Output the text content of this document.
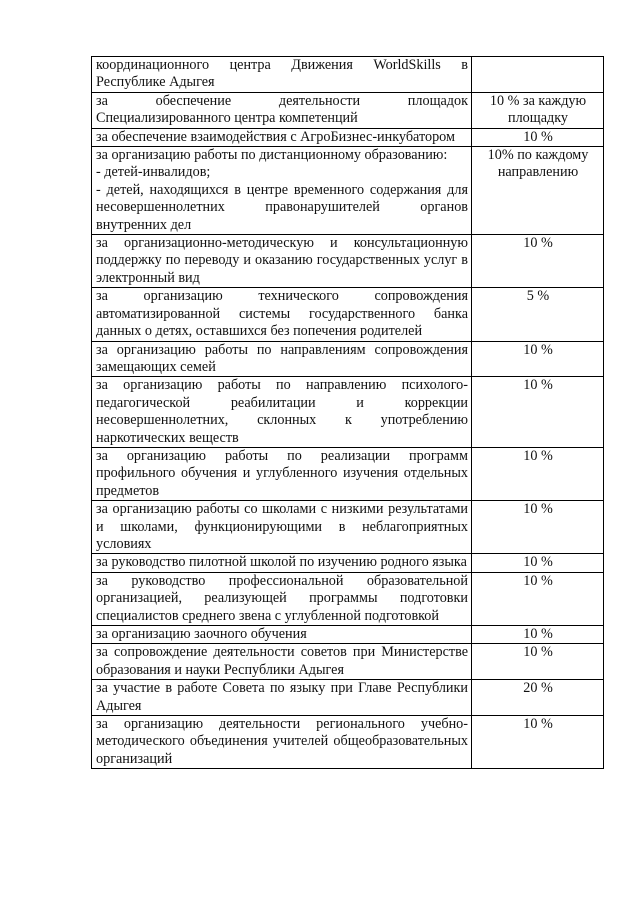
координационного центра Движения WorldSkills в Республике Адыгея	
за обеспечение деятельности площадок Специализированного центра компетенций	10 % за каждую площадку
за обеспечение взаимодействия с АгроБизнес-инкубатором	10 %
за организацию работы по дистанционному образованию:
- детей-инвалидов;
- детей, находящихся в центре временного содержания для несовершеннолетних правонарушителей органов внутренних дел	10% по каждому направлению
за организационно-методическую и консультационную поддержку по переводу и оказанию государственных услуг в электронный вид	10 %
за организацию технического сопровождения автоматизированной системы государственного банка данных о детях, оставшихся без попечения родителей	5 %
за организацию работы по направлениям сопровождения замещающих семей	10 %
за организацию работы по направлению психолого-педагогической реабилитации и коррекции несовершеннолетних, склонных к употреблению наркотических веществ	10 %
за организацию работы по реализации программ профильного обучения и углубленного изучения отдельных предметов	10 %
за организацию работы со школами с низкими результатами и школами, функционирующими в неблагоприятных условиях	10 %
за руководство пилотной школой по изучению родного языка	10 %
за руководство профессиональной образовательной организацией, реализующей программы подготовки специалистов среднего звена с углубленной подготовкой	10 %
за организацию заочного обучения	10 %
за сопровождение деятельности советов при Министерстве образования и науки Республики Адыгея	10 %
за участие в работе Совета по языку при Главе Республики Адыгея	20 %
за организацию деятельности регионального учебно-методического объединения учителей общеобразовательных организаций	10 %
